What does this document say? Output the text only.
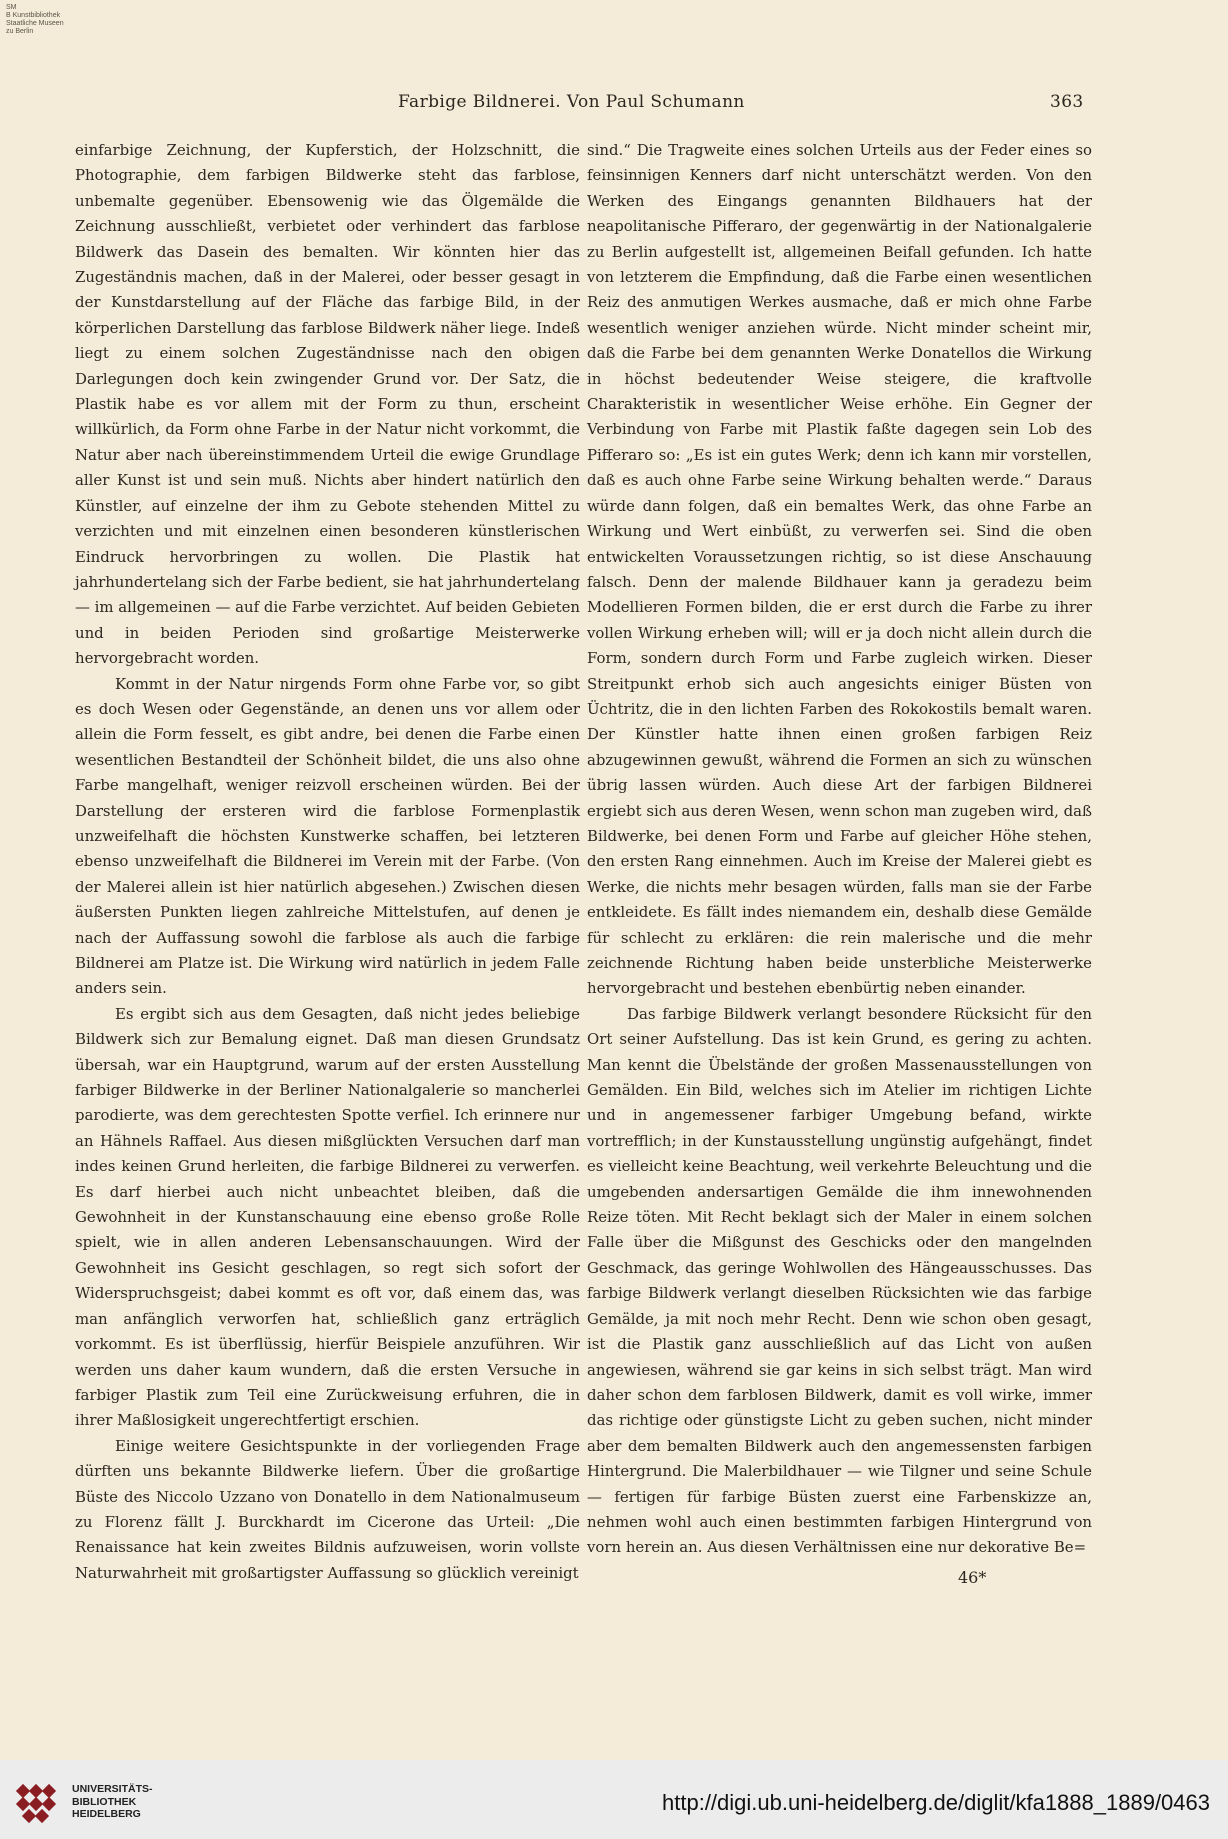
SM
B Kunstbibliothek
Staatliche Museen
zu Berlin
Farbige Bildnerei. Von Paul Schumann	363

einfarbige Zeichnung, der Kupferstich, der Holzschnitt, die Photographie, dem farbigen Bildwerke steht das farblose, unbemalte gegenüber. Ebensowenig wie das Ölgemälde die Zeichnung ausschließt, verbietet oder verhindert das farblose Bildwerk das Dasein des bemalten. Wir könnten hier das Zugeständnis machen, daß in der Malerei, oder besser gesagt in der Kunstdarstellung auf der Fläche das farbige Bild, in der körperlichen Darstellung das farblose Bildwerk näher liege. Indeß liegt zu einem solchen Zugeständnisse nach den obigen Darlegungen doch kein zwingender Grund vor. Der Satz, die Plastik habe es vor allem mit der Form zu thun, erscheint willkürlich, da Form ohne Farbe in der Natur nicht vorkommt, die Natur aber nach übereinstimmendem Urteil die ewige Grundlage aller Kunst ist und sein muß. Nichts aber hindert natürlich den Künstler, auf einzelne der ihm zu Gebote stehenden Mittel zu verzichten und mit einzelnen einen besonderen künstlerischen Eindruck hervorbringen zu wollen. Die Plastik hat jahrhundertelang sich der Farbe bedient, sie hat jahrhundertelang — im allgemeinen — auf die Farbe verzichtet. Auf beiden Gebieten und in beiden Perioden sind großartige Meisterwerke hervorgebracht worden.

Kommt in der Natur nirgends Form ohne Farbe vor, so gibt es doch Wesen oder Gegenstände, an denen uns vor allem oder allein die Form fesselt, es gibt andre, bei denen die Farbe einen wesentlichen Bestandteil der Schönheit bildet, die uns also ohne Farbe mangelhaft, weniger reizvoll erscheinen würden. Bei der Darstellung der ersteren wird die farblose Formenplastik unzweifelhaft die höchsten Kunstwerke schaffen, bei letzteren ebenso unzweifelhaft die Bildnerei im Verein mit der Farbe. (Von der Malerei allein ist hier natürlich abgesehen.) Zwischen diesen äußersten Punkten liegen zahlreiche Mittelstufen, auf denen je nach der Auffassung sowohl die farblose als auch die farbige Bildnerei am Platze ist. Die Wirkung wird natürlich in jedem Falle anders sein.

Es ergibt sich aus dem Gesagten, daß nicht jedes beliebige Bildwerk sich zur Bemalung eignet. Daß man diesen Grundsatz übersah, war ein Hauptgrund, warum auf der ersten Ausstellung farbiger Bildwerke in der Berliner Nationalgalerie so mancherlei parodierte, was dem gerechtesten Spotte verfiel. Ich erinnere nur an Hähnels Raffael. Aus diesen mißglückten Versuchen darf man indes keinen Grund herleiten, die farbige Bildnerei zu verwerfen. Es darf hierbei auch nicht unbeachtet bleiben, daß die Gewohnheit in der Kunstanschauung eine ebenso große Rolle spielt, wie in allen anderen Lebensanschauungen. Wird der Gewohnheit ins Gesicht geschlagen, so regt sich sofort der Widerspruchsgeist; dabei kommt es oft vor, daß einem das, was man anfänglich verworfen hat, schließlich ganz erträglich vorkommt. Es ist überflüssig, hierfür Beispiele anzuführen. Wir werden uns daher kaum wundern, daß die ersten Versuche in farbiger Plastik zum Teil eine Zurückweisung erfuhren, die in ihrer Maßlosigkeit ungerechtfertigt erschien.

Einige weitere Gesichtspunkte in der vorliegenden Frage dürften uns bekannte Bildwerke liefern. Über die großartige Büste des Niccolo Uzzano von Donatello in dem Nationalmuseum zu Florenz fällt J. Burckhardt im Cicerone das Urteil: „Die Renaissance hat kein zweites Bildnis aufzuweisen, worin vollste Naturwahrheit mit großartigster Auffassung so glücklich vereinigt

sind.“ Die Tragweite eines solchen Urteils aus der Feder eines so feinsinnigen Kenners darf nicht unterschätzt werden. Von den Werken des Eingangs genannten Bildhauers hat der neapolitanische Pifferaro, der gegenwärtig in der Nationalgalerie zu Berlin aufgestellt ist, allgemeinen Beifall gefunden. Ich hatte von letzterem die Empfindung, daß die Farbe einen wesentlichen Reiz des anmutigen Werkes ausmache, daß er mich ohne Farbe wesentlich weniger anziehen würde. Nicht minder scheint mir, daß die Farbe bei dem genannten Werke Donatellos die Wirkung in höchst bedeutender Weise steigere, die kraftvolle Charakteristik in wesentlicher Weise erhöhe. Ein Gegner der Verbindung von Farbe mit Plastik faßte dagegen sein Lob des Pifferaro so: „Es ist ein gutes Werk; denn ich kann mir vorstellen, daß es auch ohne Farbe seine Wirkung behalten werde.“ Daraus würde dann folgen, daß ein bemaltes Werk, das ohne Farbe an Wirkung und Wert einbüßt, zu verwerfen sei. Sind die oben entwickelten Voraussetzungen richtig, so ist diese Anschauung falsch. Denn der malende Bildhauer kann ja geradezu beim Modellieren Formen bilden, die er erst durch die Farbe zu ihrer vollen Wirkung erheben will; will er ja doch nicht allein durch die Form, sondern durch Form und Farbe zugleich wirken. Dieser Streitpunkt erhob sich auch angesichts einiger Büsten von Üchtritz, die in den lichten Farben des Rokokostils bemalt waren. Der Künstler hatte ihnen einen großen farbigen Reiz abzugewinnen gewußt, während die Formen an sich zu wünschen übrig lassen würden. Auch diese Art der farbigen Bildnerei ergiebt sich aus deren Wesen, wenn schon man zugeben wird, daß Bildwerke, bei denen Form und Farbe auf gleicher Höhe stehen, den ersten Rang einnehmen. Auch im Kreise der Malerei giebt es Werke, die nichts mehr besagen würden, falls man sie der Farbe entkleidete. Es fällt indes niemandem ein, deshalb diese Gemälde für schlecht zu erklären: die rein malerische und die mehr zeichnende Richtung haben beide unsterbliche Meisterwerke hervorgebracht und bestehen ebenbürtig neben einander.

Das farbige Bildwerk verlangt besondere Rücksicht für den Ort seiner Aufstellung. Das ist kein Grund, es gering zu achten. Man kennt die Übelstände der großen Massenausstellungen von Gemälden. Ein Bild, welches sich im Atelier im richtigen Lichte und in angemessener farbiger Umgebung befand, wirkte vortrefflich; in der Kunstausstellung ungünstig aufgehängt, findet es vielleicht keine Beachtung, weil verkehrte Beleuchtung und die umgebenden andersartigen Gemälde die ihm innewohnenden Reize töten. Mit Recht beklagt sich der Maler in einem solchen Falle über die Mißgunst des Geschicks oder den mangelnden Geschmack, das geringe Wohlwollen des Hängeausschusses. Das farbige Bildwerk verlangt dieselben Rücksichten wie das farbige Gemälde, ja mit noch mehr Recht. Denn wie schon oben gesagt, ist die Plastik ganz ausschließlich auf das Licht von außen angewiesen, während sie gar keins in sich selbst trägt. Man wird daher schon dem farblosen Bildwerk, damit es voll wirke, immer das richtige oder günstigste Licht zu geben suchen, nicht minder aber dem bemalten Bildwerk auch den angemessensten farbigen Hintergrund. Die Malerbildhauer — wie Tilgner und seine Schule — fertigen für farbige Büsten zuerst eine Farbenskizze an, nehmen wohl auch einen bestimmten farbigen Hintergrund von vorn herein an. Aus diesen Verhältnissen eine nur dekorative Be=

46*
UNIVERSITÄTS-
BIBLIOTHEK
HEIDELBERG	http://digi.ub.uni-heidelberg.de/diglit/kfa1888_1889/0463
